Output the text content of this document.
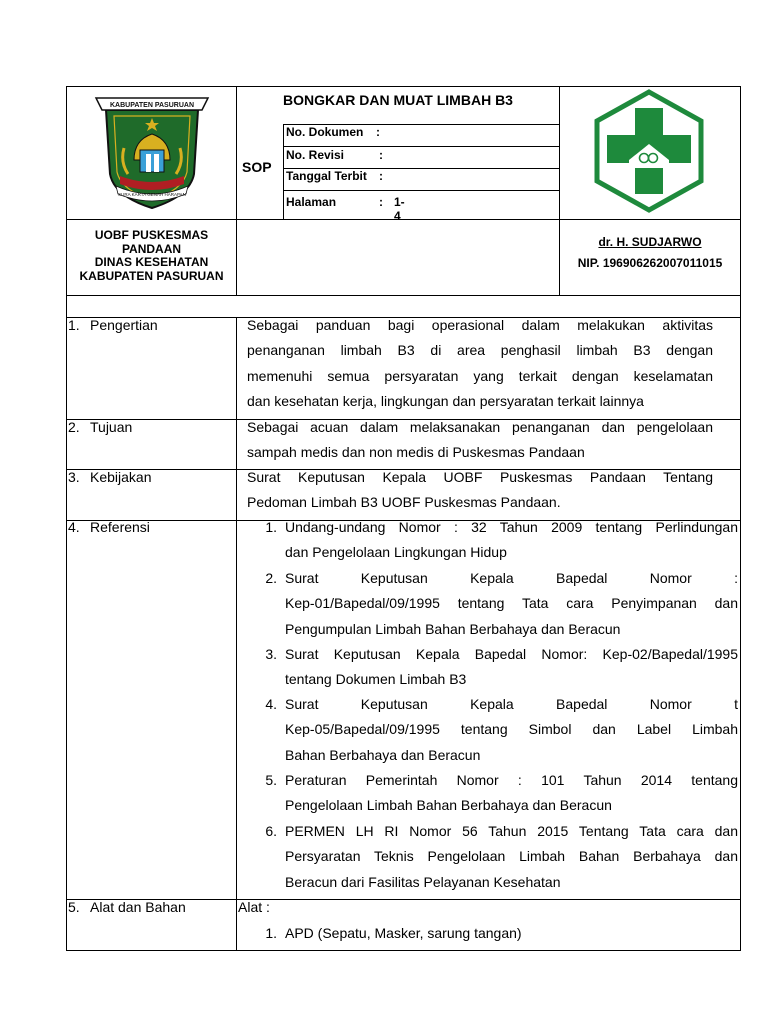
KABUPATEN PASURUAN
SURA KARTA GENAH HARAPAN
BONGKAR DAN MUAT LIMBAH B3
SOP
No. Dokumen :
No. Revisi	:
Tanggal Terbit :
Halaman	: 1-4
UOBF PUSKESMAS
PANDAAN
DINAS KESEHATAN
KABUPATEN PASURUAN
dr. H. SUDJARWO
NIP. 196906262007011015
1. Pengertian	Sebagai panduan bagi operasional dalam melakukan aktivitas
penanganan limbah B3 di area penghasil limbah B3 dengan
memenuhi semua persyaratan yang terkait dengan keselamatan
dan kesehatan kerja, lingkungan dan persyaratan terkait lainnya
2. Tujuan	Sebagai acuan dalam melaksanakan penanganan dan pengelolaan
sampah medis dan non medis di Puskesmas Pandaan
3. Kebijakan	Surat Keputusan Kepala UOBF Puskesmas Pandaan Tentang
Pedoman Limbah B3 UOBF Puskesmas Pandaan.
4. Referensi	1. Undang-undang Nomor : 32 Tahun 2009 tentang Perlindungan
dan Pengelolaan Lingkungan Hidup
2. Surat Keputusan Kepala Bapedal Nomor :
Kep-01/Bapedal/09/1995 tentang Tata cara Penyimpanan dan
Pengumpulan Limbah Bahan Berbahaya dan Beracun
3. Surat Keputusan Kepala Bapedal Nomor: Kep-02/Bapedal/1995
tentang Dokumen Limbah B3
4. Surat Keputusan Kepala Bapedal Nomor t
Kep-05/Bapedal/09/1995 tentang Simbol dan Label Limbah
Bahan Berbahaya dan Beracun
5. Peraturan Pemerintah Nomor : 101 Tahun 2014 tentang
Pengelolaan Limbah Bahan Berbahaya dan Beracun
6. PERMEN LH RI Nomor 56 Tahun 2015 Tentang Tata cara dan
Persyaratan Teknis Pengelolaan Limbah Bahan Berbahaya dan
Beracun dari Fasilitas Pelayanan Kesehatan
5. Alat dan Bahan	Alat :
1. APD (Sepatu, Masker, sarung tangan)
